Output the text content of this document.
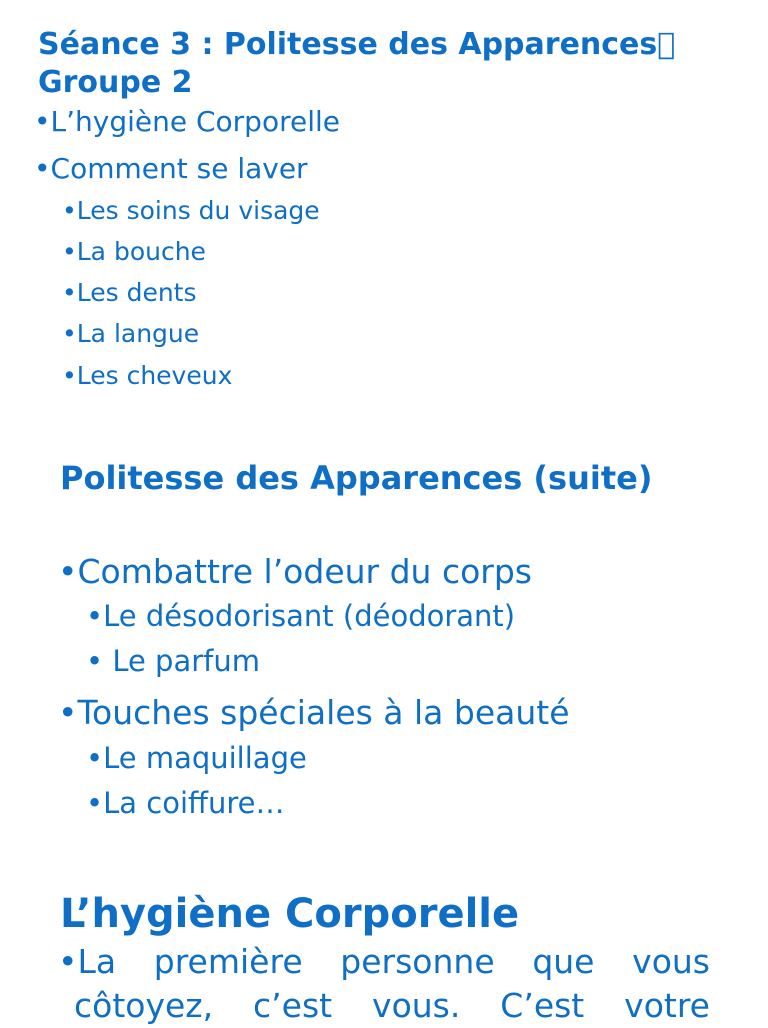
Séance 3 : Politesse des Apparences Groupe 2
• L’hygiène Corporelle
• Comment se laver
• Les soins du visage
• La bouche
• Les dents
• La langue
• Les cheveux
Politesse des Apparences (suite)
• Combattre l’odeur du corps
• Le désodorisant (déodorant)
• Le parfum
• Touches spéciales à la beauté
• Le maquillage
• La coiffure…
L’hygiène Corporelle
• La première personne que vous
côtoyez, c’est vous. C’est votre
